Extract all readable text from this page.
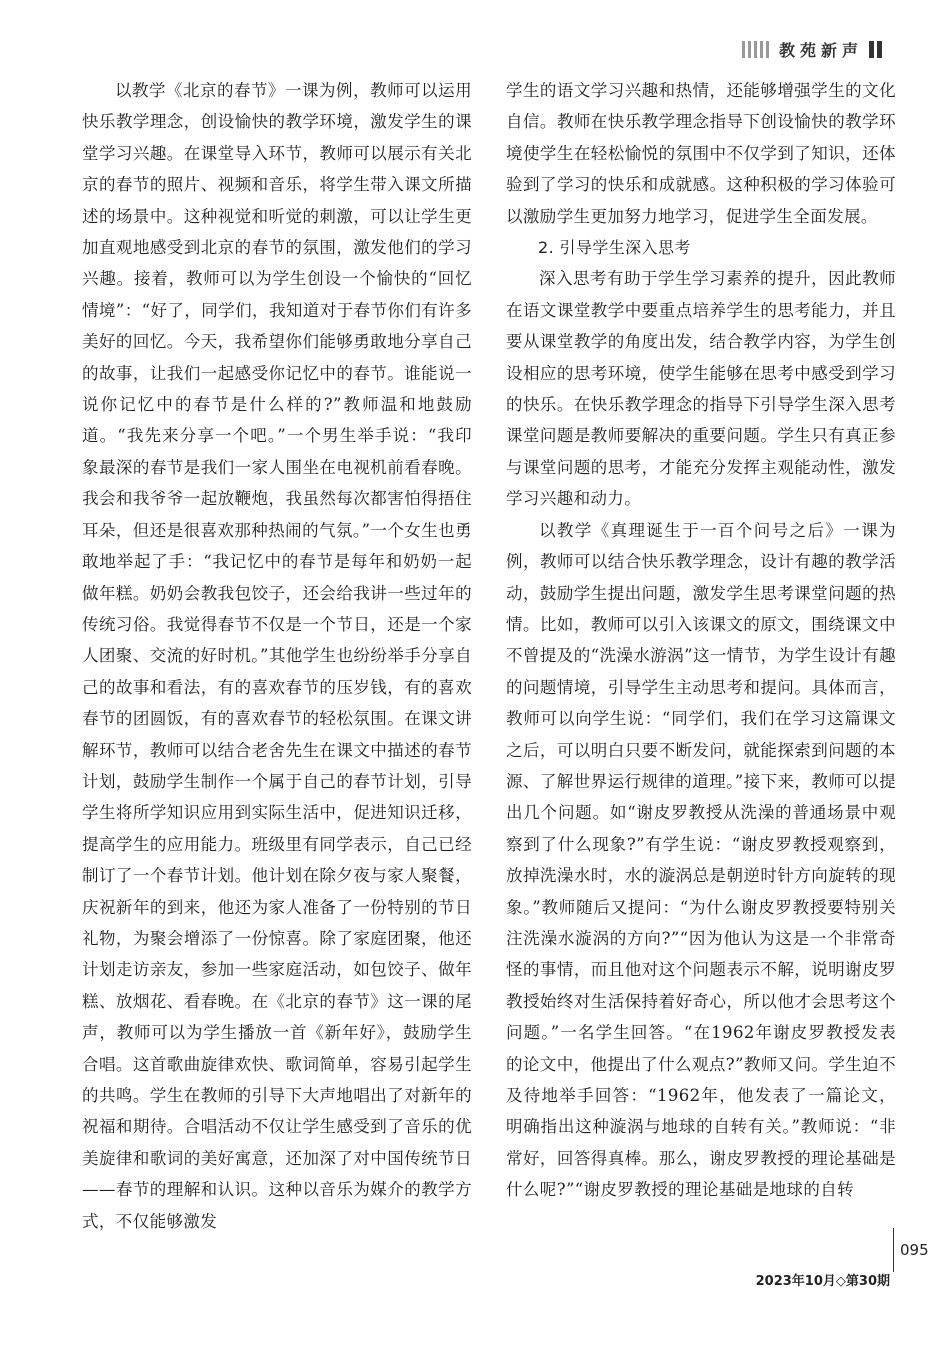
教苑新声

以教学《北京的春节》一课为例，教师可以运用快乐教学理念，创设愉快的教学环境，激发学生的课堂学习兴趣。在课堂导入环节，教师可以展示有关北京的春节的照片、视频和音乐，将学生带入课文所描述的场景中。这种视觉和听觉的刺激，可以让学生更加直观地感受到北京的春节的氛围，激发他们的学习兴趣。接着，教师可以为学生创设一个愉快的“回忆情境”：“好了，同学们，我知道对于春节你们有许多美好的回忆。今天，我希望你们能够勇敢地分享自己的故事，让我们一起感受你记忆中的春节。谁能说一说你记忆中的春节是什么样的?”教师温和地鼓励道。“我先来分享一个吧。”一个男生举手说：“我印象最深的春节是我们一家人围坐在电视机前看春晚。我会和我爷爷一起放鞭炮，我虽然每次都害怕得捂住耳朵，但还是很喜欢那种热闹的气氛。”一个女生也勇敢地举起了手：“我记忆中的春节是每年和奶奶一起做年糕。奶奶会教我包饺子，还会给我讲一些过年的传统习俗。我觉得春节不仅是一个节日，还是一个家人团聚、交流的好时机。”其他学生也纷纷举手分享自己的故事和看法，有的喜欢春节的压岁钱，有的喜欢春节的团圆饭，有的喜欢春节的轻松氛围。在课文讲解环节，教师可以结合老舍先生在课文中描述的春节计划，鼓励学生制作一个属于自己的春节计划，引导学生将所学知识应用到实际生活中，促进知识迁移，提高学生的应用能力。班级里有同学表示，自己已经制订了一个春节计划。他计划在除夕夜与家人聚餐，庆祝新年的到来，他还为家人准备了一份特别的节日礼物，为聚会增添了一份惊喜。除了家庭团聚，他还计划走访亲友，参加一些家庭活动，如包饺子、做年糕、放烟花、看春晚。在《北京的春节》这一课的尾声，教师可以为学生播放一首《新年好》，鼓励学生合唱。这首歌曲旋律欢快、歌词简单，容易引起学生的共鸣。学生在教师的引导下大声地唱出了对新年的祝福和期待。合唱活动不仅让学生感受到了音乐的优美旋律和歌词的美好寓意，还加深了对中国传统节日——春节的理解和认识。这种以音乐为媒介的教学方式，不仅能够激发

学生的语文学习兴趣和热情，还能够增强学生的文化自信。教师在快乐教学理念指导下创设愉快的教学环境使学生在轻松愉悦的氛围中不仅学到了知识，还体验到了学习的快乐和成就感。这种积极的学习体验可以激励学生更加努力地学习，促进学生全面发展。

2. 引导学生深入思考

深入思考有助于学生学习素养的提升，因此教师在语文课堂教学中要重点培养学生的思考能力，并且要从课堂教学的角度出发，结合教学内容，为学生创设相应的思考环境，使学生能够在思考中感受到学习的快乐。在快乐教学理念的指导下引导学生深入思考课堂问题是教师要解决的重要问题。学生只有真正参与课堂问题的思考，才能充分发挥主观能动性，激发学习兴趣和动力。

以教学《真理诞生于一百个问号之后》一课为例，教师可以结合快乐教学理念，设计有趣的教学活动，鼓励学生提出问题，激发学生思考课堂问题的热情。比如，教师可以引入该课文的原文，围绕课文中不曾提及的“洗澡水游涡”这一情节，为学生设计有趣的问题情境，引导学生主动思考和提问。具体而言，教师可以向学生说：“同学们，我们在学习这篇课文之后，可以明白只要不断发问，就能探索到问题的本源、了解世界运行规律的道理。”接下来，教师可以提出几个问题。如“谢皮罗教授从洗澡的普通场景中观察到了什么现象?”有学生说：“谢皮罗教授观察到，放掉洗澡水时，水的漩涡总是朝逆时针方向旋转的现象。”教师随后又提问：“为什么谢皮罗教授要特别关注洗澡水漩涡的方向?”“因为他认为这是一个非常奇怪的事情，而且他对这个问题表示不解，说明谢皮罗教授始终对生活保持着好奇心，所以他才会思考这个问题。”一名学生回答。“在1962年谢皮罗教授发表的论文中，他提出了什么观点?”教师又问。学生迫不及待地举手回答：“1962年，他发表了一篇论文，明确指出这种漩涡与地球的自转有关。”教师说：“非常好，回答得真棒。那么，谢皮罗教授的理论基础是什么呢?”“谢皮罗教授的理论基础是地球的自转

095
2023年10月◇第30期
